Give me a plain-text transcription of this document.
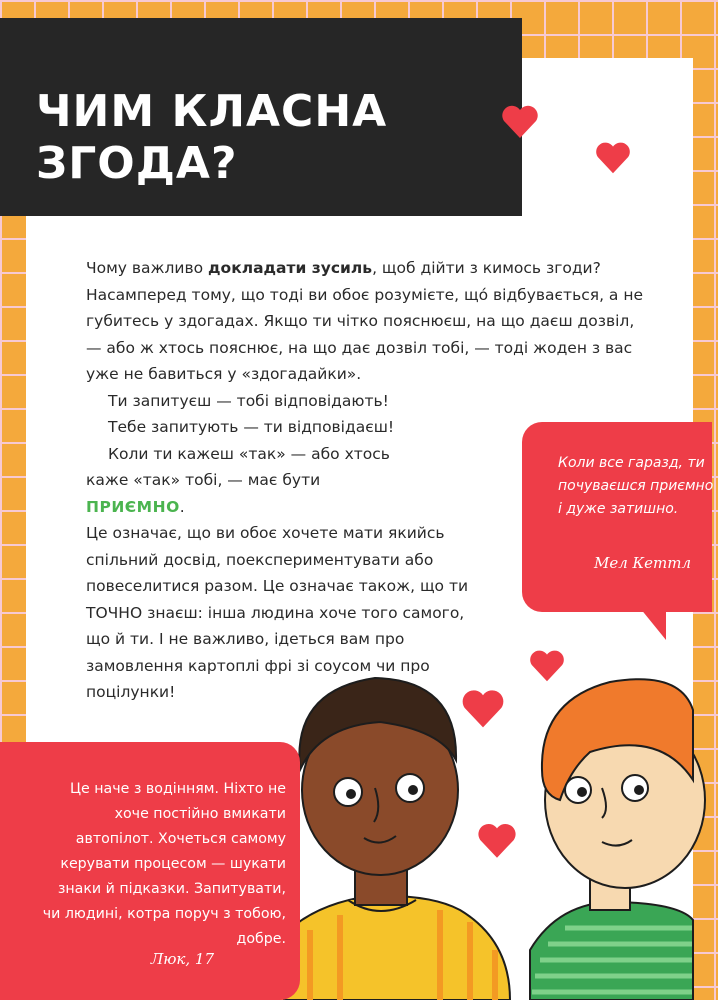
ЧИМ КЛАСНА
ЗГОДА?

Чому важливо докладати зусиль, щоб дійти з кимось згоди? Насамперед тому, що тоді ви обоє розумієте, що́ відбувається, а не губитесь у здогадах. Якщо ти чітко пояснюєш, на що даєш дозвіл, — або ж хтось пояснює, на що дає дозвіл тобі, — тоді жоден з вас уже не бавиться у «здогадайки».

Ти запитуєш — тобі відповідають!

Тебе запитують — ти відповідаєш!

Коли ти кажеш «так» — або хтось
каже «так» тобі, — має бути ПРИЄМНО.

Це означає, що ви обоє хочете мати якийсь спільний досвід, поекспериментувати або повеселитися разом. Це означає також, що ти ТОЧНО знаєш: інша людина хоче того самого, що й ти. І не важливо, ідеться вам про замовлення картоплі фрі зі соусом чи про поцілунки!

Коли все гаразд, ти почуваєшся приємно і дуже затишно.
Мел Кеттл
Це наче з водінням. Ніхто не хоче постійно вмикати автопілот. Хочеться самому керувати процесом — шукати знаки й підказки. Запитувати, чи людині, котра поруч з тобою, добре.
Люк, 17
